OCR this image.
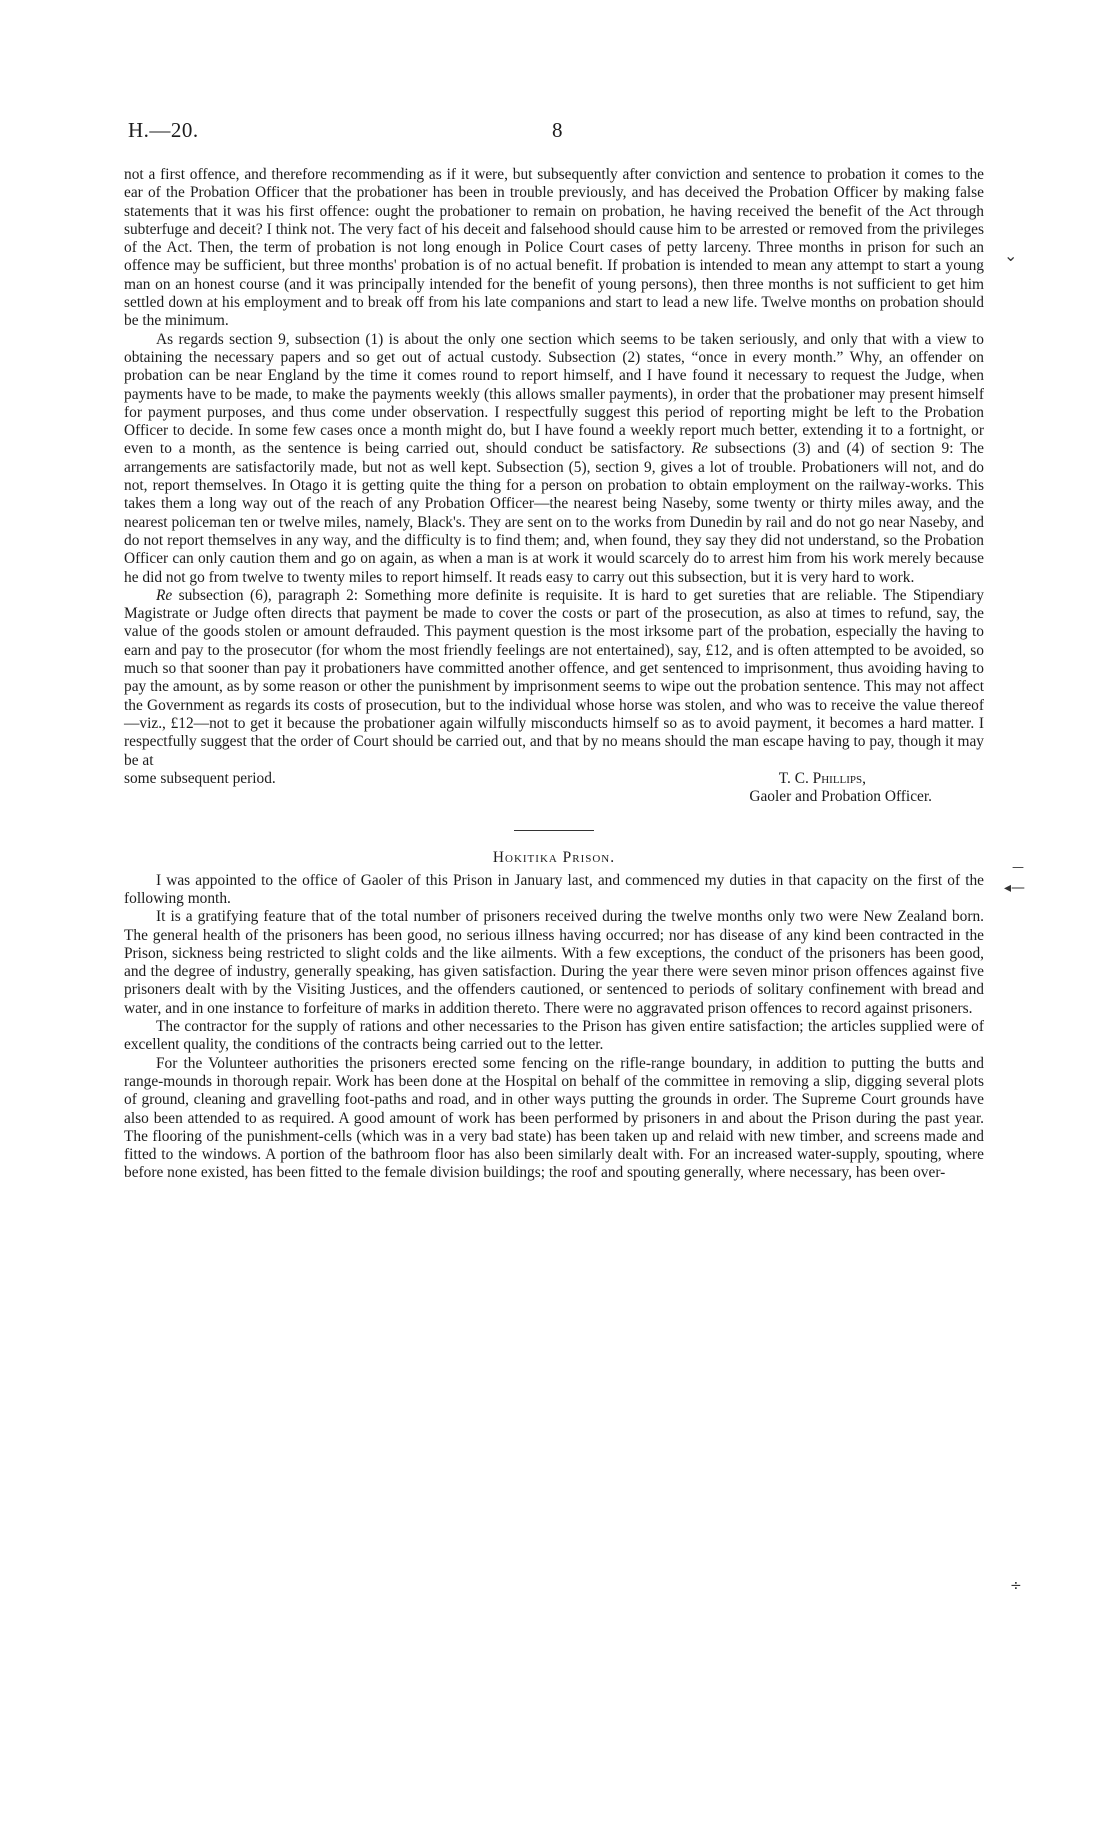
H.—20.	8

not a first offence, and therefore recommending as if it were, but subsequently after conviction and sentence to probation it comes to the ear of the Probation Officer that the probationer has been in trouble previously, and has deceived the Probation Officer by making false statements that it was his first offence: ought the probationer to remain on probation, he having received the benefit of the Act through subterfuge and deceit? I think not. The very fact of his deceit and falsehood should cause him to be arrested or removed from the privileges of the Act. Then, the term of probation is not long enough in Police Court cases of petty larceny. Three months in prison for such an offence may be sufficient, but three months' probation is of no actual benefit. If probation is intended to mean any attempt to start a young man on an honest course (and it was principally intended for the benefit of young persons), then three months is not sufficient to get him settled down at his employment and to break off from his late companions and start to lead a new life. Twelve months on probation should be the minimum.

As regards section 9, subsection (1) is about the only one section which seems to be taken seriously, and only that with a view to obtaining the necessary papers and so get out of actual custody. Subsection (2) states, “once in every month.” Why, an offender on probation can be near England by the time it comes round to report himself, and I have found it necessary to request the Judge, when payments have to be made, to make the payments weekly (this allows smaller payments), in order that the probationer may present himself for payment purposes, and thus come under observation. I respectfully suggest this period of reporting might be left to the Probation Officer to decide. In some few cases once a month might do, but I have found a weekly report much better, extending it to a fortnight, or even to a month, as the sentence is being carried out, should conduct be satisfactory. Re subsections (3) and (4) of section 9: The arrangements are satisfactorily made, but not as well kept. Subsection (5), section 9, gives a lot of trouble. Probationers will not, and do not, report themselves. In Otago it is getting quite the thing for a person on probation to obtain employment on the railway-works. This takes them a long way out of the reach of any Probation Officer—the nearest being Naseby, some twenty or thirty miles away, and the nearest policeman ten or twelve miles, namely, Black's. They are sent on to the works from Dunedin by rail and do not go near Naseby, and do not report themselves in any way, and the difficulty is to find them; and, when found, they say they did not understand, so the Probation Officer can only caution them and go on again, as when a man is at work it would scarcely do to arrest him from his work merely because he did not go from twelve to twenty miles to report himself. It reads easy to carry out this subsection, but it is very hard to work.

Re subsection (6), paragraph 2: Something more definite is requisite. It is hard to get sureties that are reliable. The Stipendiary Magistrate or Judge often directs that payment be made to cover the costs or part of the prosecution, as also at times to refund, say, the value of the goods stolen or amount defrauded. This payment question is the most irksome part of the probation, especially the having to earn and pay to the prosecutor (for whom the most friendly feelings are not entertained), say, £12, and is often attempted to be avoided, so much so that sooner than pay it probationers have committed another offence, and get sentenced to imprisonment, thus avoiding having to pay the amount, as by some reason or other the punishment by imprisonment seems to wipe out the probation sentence. This may not affect the Government as regards its costs of prosecution, but to the individual whose horse was stolen, and who was to receive the value thereof—viz., £12—not to get it because the probationer again wilfully misconducts himself so as to avoid payment, it becomes a hard matter. I respectfully suggest that the order of Court should be carried out, and that by no means should the man escape having to pay, though it may be at

some subsequent period.	T. C. Phillips,
Gaoler and Probation Officer.
Hokitika Prison.

I was appointed to the office of Gaoler of this Prison in January last, and commenced my duties in that capacity on the first of the following month.

It is a gratifying feature that of the total number of prisoners received during the twelve months only two were New Zealand born. The general health of the prisoners has been good, no serious illness having occurred; nor has disease of any kind been contracted in the Prison, sickness being restricted to slight colds and the like ailments. With a few exceptions, the conduct of the prisoners has been good, and the degree of industry, generally speaking, has given satisfaction. During the year there were seven minor prison offences against five prisoners dealt with by the Visiting Justices, and the offenders cautioned, or sentenced to periods of solitary confinement with bread and water, and in one instance to forfeiture of marks in addition thereto. There were no aggravated prison offences to record against prisoners.

The contractor for the supply of rations and other necessaries to the Prison has given entire satisfaction; the articles supplied were of excellent quality, the conditions of the contracts being carried out to the letter.

For the Volunteer authorities the prisoners erected some fencing on the rifle-range boundary, in addition to putting the butts and range-mounds in thorough repair. Work has been done at the Hospital on behalf of the committee in removing a slip, digging several plots of ground, cleaning and gravelling foot-paths and road, and in other ways putting the grounds in order. The Supreme Court grounds have also been attended to as required. A good amount of work has been performed by prisoners in and about the Prison during the past year. The flooring of the punishment-cells (which was in a very bad state) has been taken up and relaid with new timber, and screens made and fitted to the windows. A portion of the bathroom floor has also been similarly dealt with. For an increased water-supply, spouting, where before none existed, has been fitted to the female division buildings; the roof and spouting generally, where necessary, has been over-

⌄
—
◂—
÷
